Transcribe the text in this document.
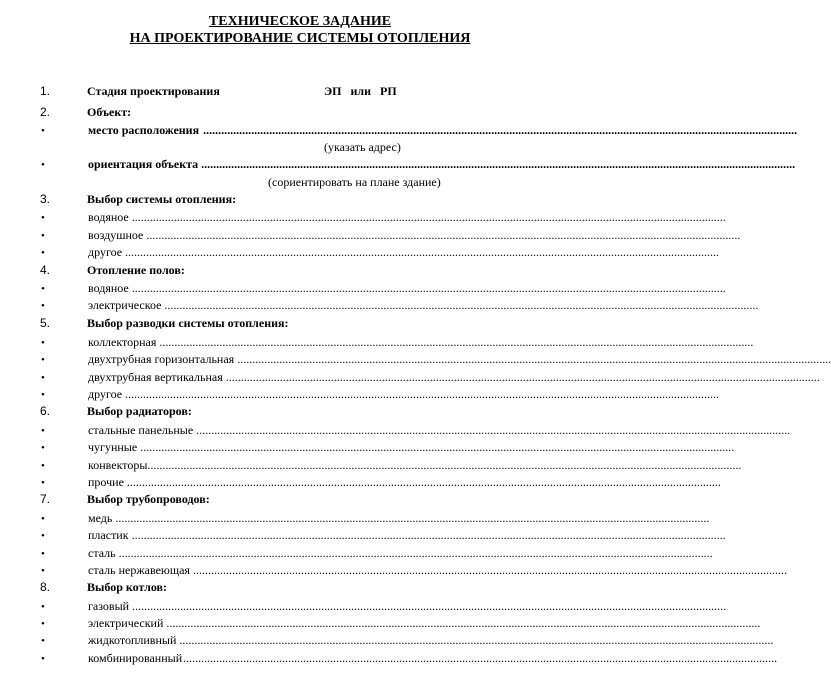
ТЕХНИЧЕСКОЕ ЗАДАНИЕ
НА ПРОЕКТИРОВАНИЕ СИСТЕМЫ ОТОПЛЕНИЯ
1.	Стадия проектирования	ЭП   или   РП
2.	Объект:
•	место расположения ......................................................................................................................................................................................................
(указать адрес)
•	ориентация объекта ......................................................................................................................................................................................................
(сориентировать на плане здание)
3.	Выбор системы отопления:
•	водяное ......................................................................................................................................................................................................
•	воздушное ......................................................................................................................................................................................................
•	другое ......................................................................................................................................................................................................
4.	Отопление полов:
•	водяное ......................................................................................................................................................................................................
•	электрическое ......................................................................................................................................................................................................
5.	Выбор разводки системы отопления:
•	коллекторная ......................................................................................................................................................................................................
•	двухтрубная горизонтальная ......................................................................................................................................................................................................
•	двухтрубная вертикальная ......................................................................................................................................................................................................
•	другое ......................................................................................................................................................................................................
6.	Выбор радиаторов:
•	стальные панельные ......................................................................................................................................................................................................
•	чугунные ......................................................................................................................................................................................................
•	конвекторы ......................................................................................................................................................................................................
•	прочие ......................................................................................................................................................................................................
7.	Выбор трубопроводов:
•	медь ......................................................................................................................................................................................................
•	пластик ......................................................................................................................................................................................................
•	сталь ......................................................................................................................................................................................................
•	сталь нержавеющая ......................................................................................................................................................................................................
8.	Выбор котлов:
•	газовый ......................................................................................................................................................................................................
•	электрический ......................................................................................................................................................................................................
•	жидкотопливный ......................................................................................................................................................................................................
•	комбинированный ......................................................................................................................................................................................................
